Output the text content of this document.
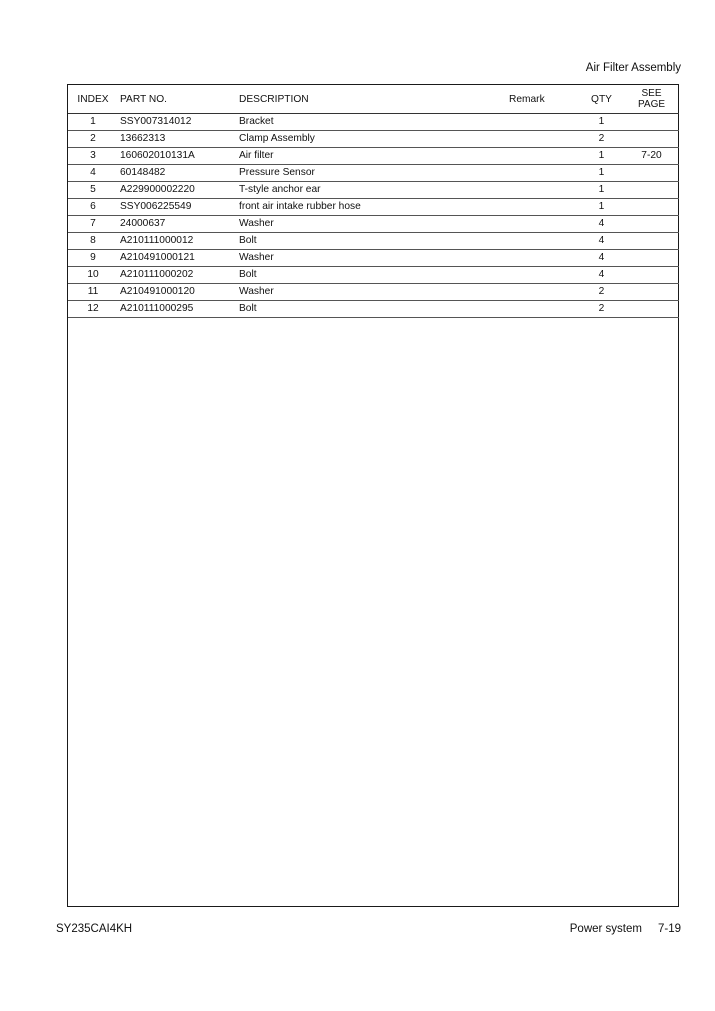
Air Filter Assembly
INDEX	PART NO.	DESCRIPTION	Remark	QTY	SEE
PAGE
1	SSY007314012	Bracket		1	
2	13662313	Clamp Assembly		2	
3	160602010131A	Air filter		1	7-20
4	60148482	Pressure Sensor		1	
5	A229900002220	T-style anchor ear		1	
6	SSY006225549	front air intake rubber hose		1	
7	24000637	Washer		4	
8	A210111000012	Bolt		4	
9	A210491000121	Washer		4	
10	A210111000202	Bolt		4	
11	A210491000120	Washer		2	
12	A210111000295	Bolt		2	
SY235CAI4KH	Power system 7-19
